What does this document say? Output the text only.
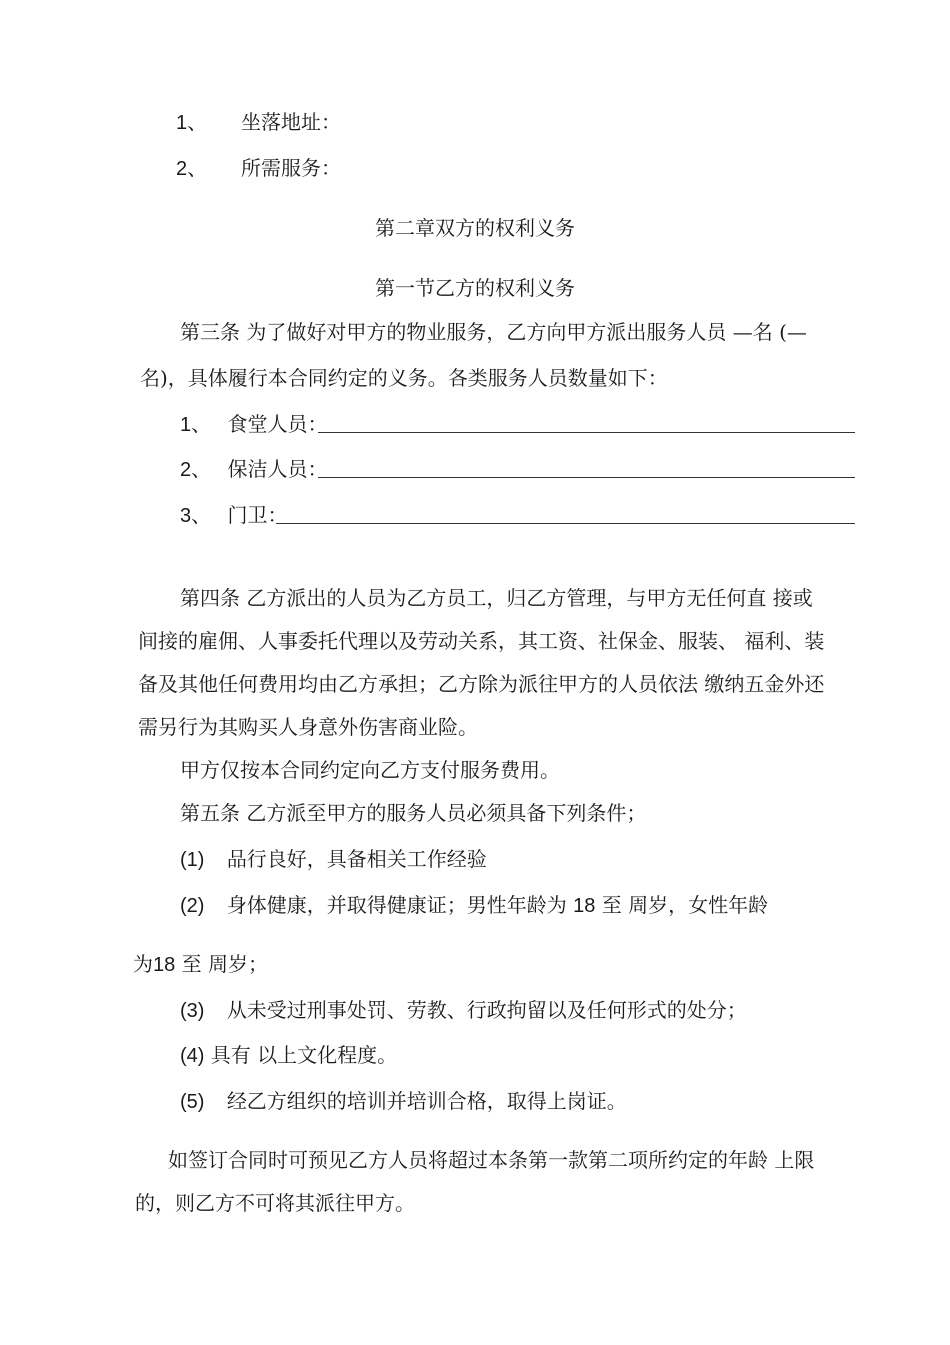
1、 坐落地址：
2、 所需服务：
第二章双方的权利义务
第一节乙方的权利义务
第三条 为了做好对甲方的物业服务，乙方向甲方派出服务人员 —名 (—
名)，具体履行本合同约定的义务。各类服务人员数量如下：
1、 食堂人员：
2、 保洁人员：
3、 门卫：
第四条 乙方派出的人员为乙方员工，归乙方管理，与甲方无任何直 接或
间接的雇佣、人事委托代理以及劳动关系，其工资、社保金、服装、 福利、装
备及其他任何费用均由乙方承担；乙方除为派往甲方的人员依法 缴纳五金外还
需另行为其购买人身意外伤害商业险。
甲方仅按本合同约定向乙方支付服务费用。
第五条 乙方派至甲方的服务人员必须具备下列条件；
(1) 品行良好，具备相关工作经验
(2) 身体健康，并取得健康证；男性年龄为 18 至 周岁，女性年龄
为18 至 周岁；
(3) 从未受过刑事处罚、劳教、行政拘留以及任何形式的处分；
(4) 具有 以上文化程度。
(5) 经乙方组织的培训并培训合格，取得上岗证。
如签订合同时可预见乙方人员将超过本条第一款第二项所约定的年龄 上限
的，则乙方不可将其派往甲方。
